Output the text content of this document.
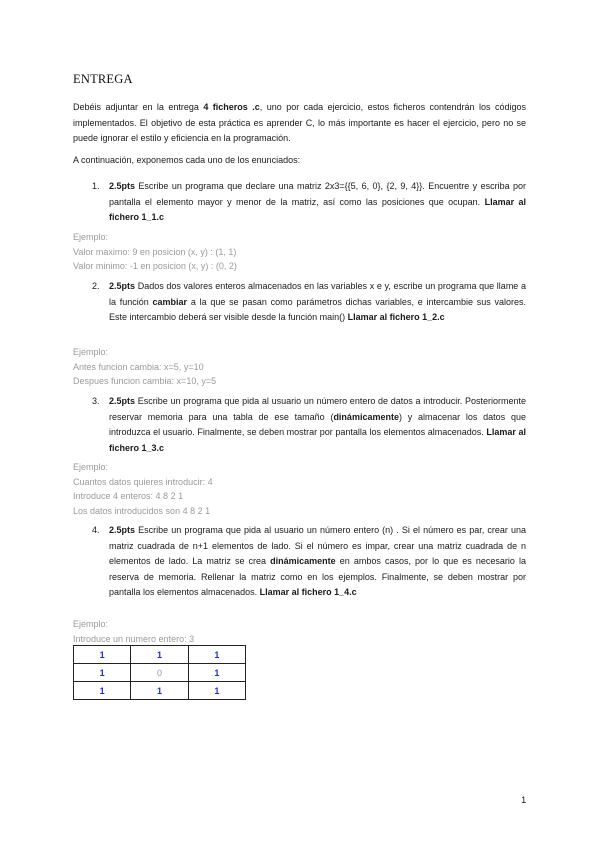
ENTREGA
Debéis adjuntar en la entrega 4 ficheros .c, uno por cada ejercicio, estos ficheros contendrán los códigos implementados. El objetivo de esta práctica es aprender C, lo más importante es hacer el ejercicio, pero no se puede ignorar el estilo y eficiencia en la programación.
A continuación, exponemos cada uno de los enunciados:
1. 2.5pts Escribe un programa que declare una matriz 2x3={{5, 6, 0}, {2, 9, 4}}. Encuentre y escriba por pantalla el elemento mayor y menor de la matriz, así como las posiciones que ocupan. Llamar al fichero 1_1.c
Ejemplo:
Valor maximo: 9 en posicion (x, y) : (1, 1)
Valor minimo: -1 en posicion (x, y) : (0, 2)
2. 2.5pts Dados dos valores enteros almacenados en las variables x e y, escribe un programa que llame a la función cambiar a la que se pasan como parámetros dichas variables, e intercambie sus valores. Este intercambio deberá ser visible desde la función main() Llamar al fichero 1_2.c
Ejemplo:
Antes funcion cambia: x=5, y=10
Despues funcion cambia: x=10, y=5
3. 2.5pts Escribe un programa que pida al usuario un número entero de datos a introducir. Posteriormente reservar memoria para una tabla de ese tamaño (dinámicamente) y almacenar los datos que introduzca el usuario. Finalmente, se deben mostrar por pantalla los elementos almacenados. Llamar al fichero 1_3.c
Ejemplo:
Cuantos datos quieres introducir: 4
Introduce 4 enteros: 4 8 2 1
Los datos introducidos son 4 8 2 1
4. 2.5pts Escribe un programa que pida al usuario un número entero (n) . Si el número es par, crear una matriz cuadrada de n+1 elementos de lado. Si el número es impar, crear una matriz cuadrada de n elementos de lado. La matriz se crea dinámicamente en ambos casos, por lo que es necesario la reserva de memoria. Rellenar la matriz como en los ejemplos. Finalmente, se deben mostrar por pantalla los elementos almacenados. Llamar al fichero 1_4.c
Ejemplo:
Introduce un numero entero: 3
1	1	1
1	0	1
1	1	1
1
